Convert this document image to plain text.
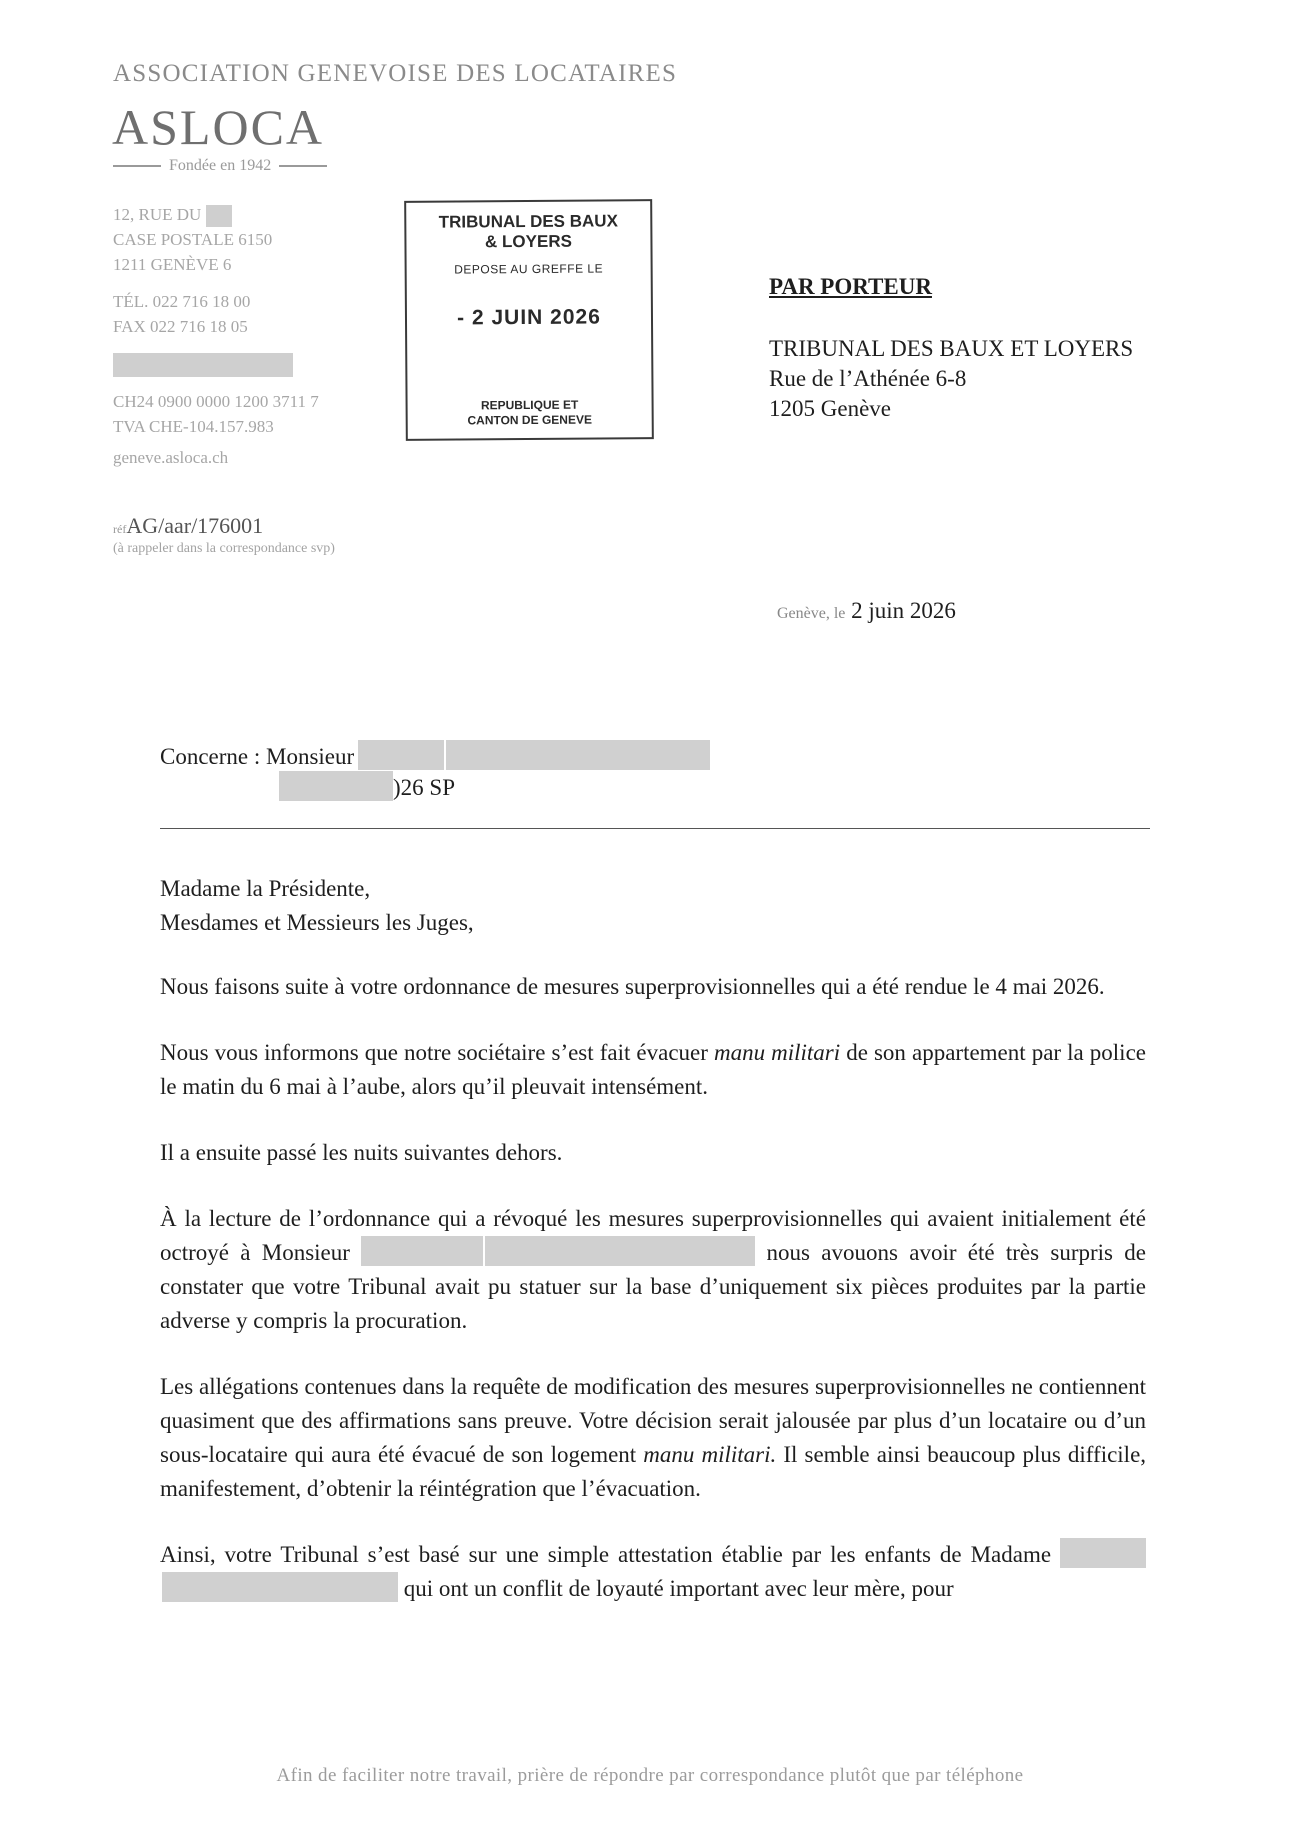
ASSOCIATION GENEVOISE DES LOCATAIRES
ASLOCA
Fondée en 1942
12, RUE DU
CASE POSTALE 6150
1211 GENÈVE 6
TÉL. 022 716 18 00
FAX 022 716 18 05
CH24 0900 0000 1200 3711 7
TVA CHE-104.157.983
geneve.asloca.ch
TRIBUNAL DES BAUX
& LOYERS
DEPOSE AU GREFFE LE
- 2 JUIN 2026
REPUBLIQUE ET
CANTON DE GENEVE
PAR PORTEUR
TRIBUNAL DES BAUX ET LOYERS
Rue de l’Athénée 6-8
1205 Genève
réfAG/aar/176001
(à rappeler dans la correspondance svp)
Genève, le 2 juin 2026
Concerne : Monsieur
)26 SP

Madame la Présidente,
Mesdames et Messieurs les Juges,

Nous faisons suite à votre ordonnance de mesures superprovisionnelles qui a été rendue le 4 mai 2026.

Nous vous informons que notre sociétaire s’est fait évacuer manu militari de son appartement par la police le matin du 6 mai à l’aube, alors qu’il pleuvait intensément.

Il a ensuite passé les nuits suivantes dehors.

À la lecture de l’ordonnance qui a révoqué les mesures superprovisionnelles qui avaient initialement été octroyé à Monsieur	nous avouons avoir été très surpris de constater que votre Tribunal avait pu statuer sur la base d’uniquement six pièces produites par la partie adverse y compris la procuration.

Les allégations contenues dans la requête de modification des mesures superprovisionnelles ne contiennent quasiment que des affirmations sans preuve. Votre décision serait jalousée par plus d’un locataire ou d’un sous-locataire qui aura été évacué de son logement manu militari. Il semble ainsi beaucoup plus difficile, manifestement, d’obtenir la réintégration que l’évacuation.

Ainsi, votre Tribunal s’est basé sur une simple attestation établie par les enfants de Madame  qui ont un conflit de loyauté important avec leur mère, pour

Afin de faciliter notre travail, prière de répondre par correspondance plutôt que par téléphone
